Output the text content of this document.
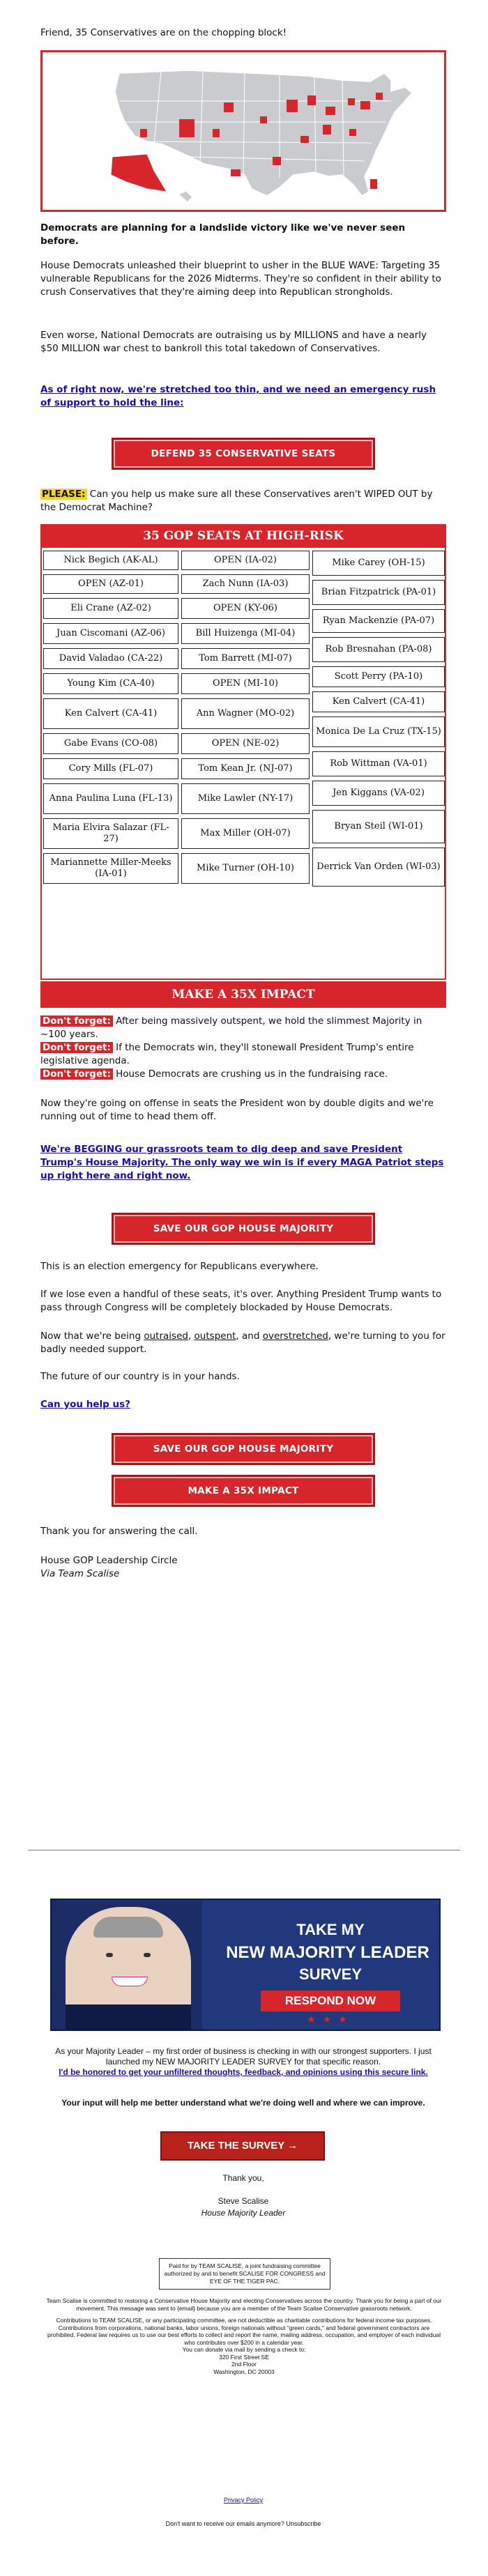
Friend, 35 Conservatives are on the chopping block!

Democrats are planning for a landslide victory like we've never seen before.

House Democrats unleashed their blueprint to usher in the BLUE WAVE: Targeting 35 vulnerable Republicans for the 2026 Midterms. They're so confident in their ability to crush Conservatives that they're aiming deep into Republican strongholds.

Even worse, National Democrats are outraising us by MILLIONS and have a nearly $50 MILLION war chest to bankroll this total takedown of Conservatives.

As of right now, we're stretched too thin, and we need an emergency rush of support to hold the line:

DEFEND 35 CONSERVATIVE SEATS

PLEASE: Can you help us make sure all these Conservatives aren't WIPED OUT by the Democrat Machine?

35 GOP SEATS AT HIGH-RISK
Nick Begich (AK-AL)
OPEN (AZ-01)
Eli Crane (AZ-02)
Juan Ciscomani (AZ-06)
David Valadao (CA-22)
Young Kim (CA-40)
Ken Calvert (CA-41)
Gabe Evans (CO-08)
Cory Mills (FL-07)
Anna Paulina Luna (FL-13)
Maria Elvira Salazar (FL-27)
Mariannette Miller-Meeks (IA-01)
OPEN (IA-02)
Zach Nunn (IA-03)
OPEN (KY-06)
Bill Huizenga (MI-04)
Tom Barrett (MI-07)
OPEN (MI-10)
Ann Wagner (MO-02)
OPEN (NE-02)
Tom Kean Jr. (NJ-07)
Mike Lawler (NY-17)
Max Miller (OH-07)
Mike Turner (OH-10)
Mike Carey (OH-15)
Brian Fitzpatrick (PA-01)
Ryan Mackenzie (PA-07)
Rob Bresnahan (PA-08)
Scott Perry (PA-10)
Ken Calvert (CA-41)
Monica De La Cruz (TX-15)
Rob Wittman (VA-01)
Jen Kiggans (VA-02)
Bryan Steil (WI-01)
Derrick Van Orden (WI-03)
MAKE A 35X IMPACT

Don't forget: After being massively outspent, we hold the slimmest Majority in ~100 years.

Don't forget: If the Democrats win, they'll stonewall President Trump's entire legislative agenda.

Don't forget: House Democrats are crushing us in the fundraising race.

Now they're going on offense in seats the President won by double digits and we're running out of time to head them off.

We're BEGGING our grassroots team to dig deep and save President Trump's House Majority. The only way we win is if every MAGA Patriot steps up right here and right now.

SAVE OUR GOP HOUSE MAJORITY

This is an election emergency for Republicans everywhere.

If we lose even a handful of these seats, it's over. Anything President Trump wants to pass through Congress will be completely blockaded by House Democrats.

Now that we're being outraised, outspent, and overstretched, we're turning to you for badly needed support.

The future of our country is in your hands.

Can you help us?

SAVE OUR GOP HOUSE MAJORITY
MAKE A 35X IMPACT

Thank you for answering the call.

House GOP Leadership Circle

Via Team Scalise

TAKE MY
NEW MAJORITY LEADER
SURVEY
RESPOND NOW
★★★
As your Majority Leader – my first order of business is checking in with our strongest supporters. I just launched my NEW MAJORITY LEADER SURVEY for that specific reason.
I'd be honored to get your unfiltered thoughts, feedback, and opinions using this secure link.
Your input will help me better understand what we're doing well and where we can improve.
TAKE THE SURVEY →
Thank you,
Steve Scalise
House Majority Leader
Paid for by TEAM SCALISE, a joint fundraising committee authorized by and to benefit SCALISE FOR CONGRESS and EYE OF THE TIGER PAC.
Team Scalise is committed to restoring a Conservative House Majority and electing Conservatives across the country. Thank you for being a part of our movement. This message was sent to {email} because you are a member of the Team Scalise Conservative grassroots network.
Contributions to TEAM SCALISE, or any participating committee, are not deductible as charitable contributions for federal income tax purposes. Contributions from corporations, national banks, labor unions, foreign nationals without "green cards," and federal government contractors are prohibited. Federal law requires us to use our best efforts to collect and report the name, mailing address, occupation, and employer of each individual who contributes over $200 in a calendar year.
You can donate via mail by sending a check to:
320 First Street SE
2nd Floor
Washington, DC 20003
Privacy Policy
Don't want to receive our emails anymore? Unsubscribe
